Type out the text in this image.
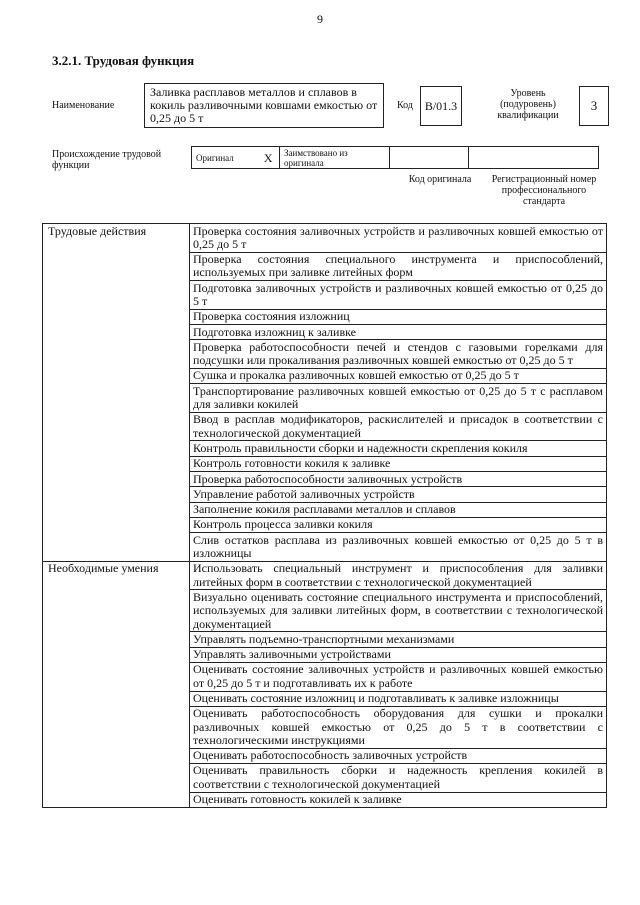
9
3.2.1. Трудовая функция
Наименование
Заливка расплавов металлов и сплавов в кокиль разливочными ковшами емкостью от 0,25 до 5 т
Код B/01.3
Уровень (подуровень) квалификации
3
Происхождение трудовой функции
Оригинал	X	Заимствовано из оригинала		
Код оригинала	Регистрационный номер профессионального стандарта
Трудовые действия	Проверка состояния заливочных устройств и разливочных ковшей емкостью от 0,25 до 5 т
	Проверка состояния специального инструмента и приспособлений, используемых при заливке литейных форм
	Подготовка заливочных устройств и разливочных ковшей емкостью от 0,25 до 5 т
	Проверка состояния изложниц
	Подготовка изложниц к заливке
	Проверка работоспособности печей и стендов с газовыми горелками для подсушки или прокаливания разливочных ковшей емкостью от 0,25 до 5 т
	Сушка и прокалка разливочных ковшей емкостью от 0,25 до 5 т
	Транспортирование разливочных ковшей емкостью от 0,25 до 5 т с расплавом для заливки кокилей
	Ввод в расплав модификаторов, раскислителей и присадок в соответствии с технологической документацией
	Контроль правильности сборки и надежности скрепления кокиля
	Контроль готовности кокиля к заливке
	Проверка работоспособности заливочных устройств
	Управление работой заливочных устройств
	Заполнение кокиля расплавами металлов и сплавов
	Контроль процесса заливки кокиля
	Слив остатков расплава из разливочных ковшей емкостью от 0,25 до 5 т в изложницы
Необходимые умения	Использовать специальный инструмент и приспособления для заливки литейных форм в соответствии с технологической документацией
	Визуально оценивать состояние специального инструмента и приспособлений, используемых для заливки литейных форм, в соответствии с технологической документацией
	Управлять подъемно-транспортными механизмами
	Управлять заливочными устройствами
	Оценивать состояние заливочных устройств и разливочных ковшей емкостью от 0,25 до 5 т и подготавливать их к работе
	Оценивать состояние изложниц и подготавливать к заливке изложницы
	Оценивать работоспособность оборудования для сушки и прокалки разливочных ковшей емкостью от 0,25 до 5 т в соответствии с технологическими инструкциями
	Оценивать работоспособность заливочных устройств
	Оценивать правильность сборки и надежность крепления кокилей в соответствии с технологической документацией
	Оценивать готовность кокилей к заливке
